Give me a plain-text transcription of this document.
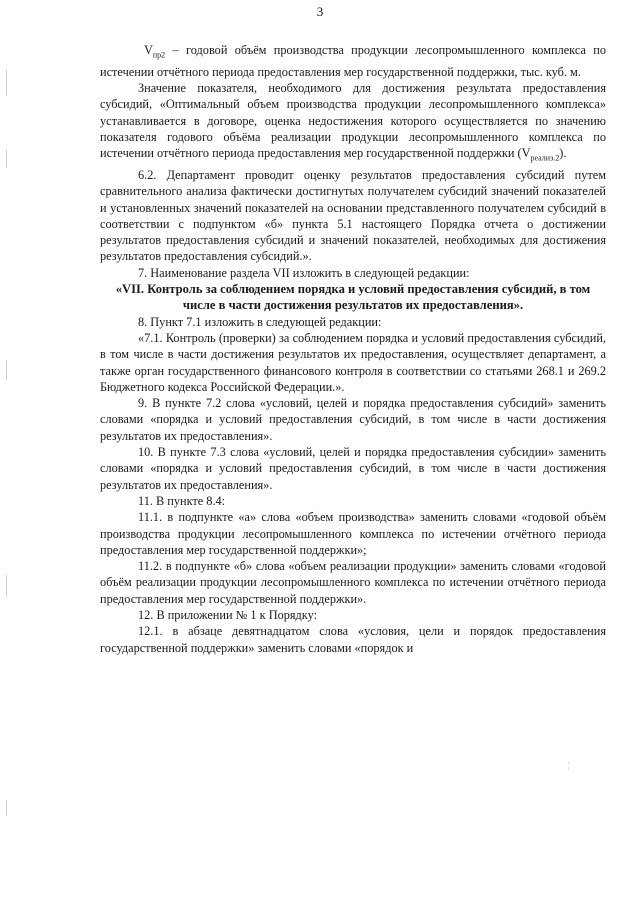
¦
3

$V_{пр2}$ – годовой объём производства продукции лесопромышленного комплекса по истечении отчётного периода предоставления мер государственной поддержки, тыс. куб. м.

Значение показателя, необходимого для достижения результата предоставления субсидий, «Оптимальный объем производства продукции лесопромышленного комплекса» устанавливается в договоре, оценка недостижения которого осуществляется по значению показателя годового объёма реализации продукции лесопромышленного комплекса по истечении отчётного периода предоставления мер государственной поддержки $(V_{реализ.2})$.

6.2. Департамент проводит оценку результатов предоставления субсидий путем сравнительного анализа фактически достигнутых получателем субсидий значений показателей и установленных значений показателей на основании представленного получателем субсидий в соответствии с подпунктом «б» пункта 5.1 настоящего Порядка отчета о достижении результатов предоставления субсидий и значений показателей, необходимых для достижения результатов предоставления субсидий.».

7. Наименование раздела VII изложить в следующей редакции:

«VII. Контроль за соблюдением порядка и условий предоставления субсидий, в том числе в части достижения результатов их предоставления».

8. Пункт 7.1 изложить в следующей редакции:

«7.1. Контроль (проверки) за соблюдением порядка и условий предоставления субсидий, в том числе в части достижения результатов их предоставления, осуществляет департамент, а также орган государственного финансового контроля в соответствии со статьями 268.1 и 269.2 Бюджетного кодекса Российской Федерации.».

9. В пункте 7.2 слова «условий, целей и порядка предоставления субсидий» заменить словами «порядка и условий предоставления субсидий, в том числе в части достижения результатов их предоставления».

10. В пункте 7.3 слова «условий, целей и порядка предоставления субсидии» заменить словами «порядка и условий предоставления субсидий, в том числе в части достижения результатов их предоставления».

11. В пункте 8.4:

11.1. в подпункте «а» слова «объем производства» заменить словами «годовой объём производства продукции лесопромышленного комплекса по истечении отчётного периода предоставления мер государственной поддержки»;

11.2. в подпункте «б» слова «объем реализации продукции» заменить словами «годовой объём реализации продукции лесопромышленного комплекса по истечении отчётного периода предоставления мер государственной поддержки».

12. В приложении № 1 к Порядку:

12.1. в абзаце девятнадцатом слова «условия, цели и порядок предоставления государственной поддержки» заменить словами «порядок и
